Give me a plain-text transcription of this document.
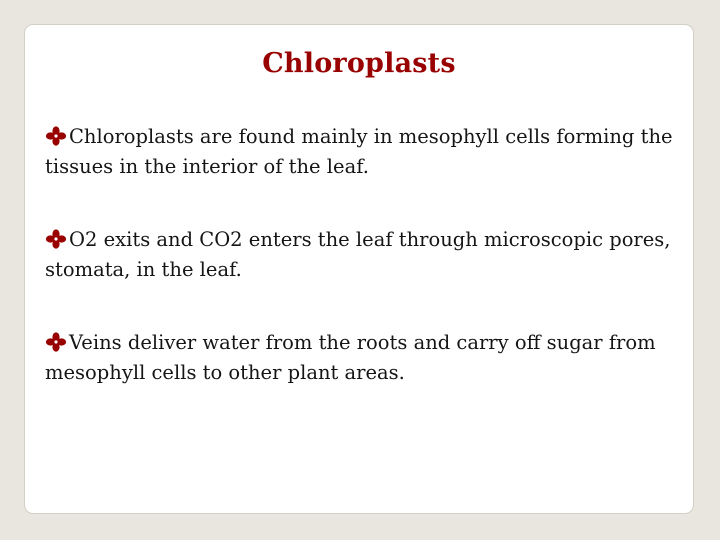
Chloroplasts
Chloroplasts are found mainly in mesophyll cells forming the tissues in the interior of the leaf.
O2 exits and CO2 enters the leaf through microscopic pores, stomata, in the leaf.
Veins deliver water from the roots and carry off sugar from mesophyll cells to other plant areas.
